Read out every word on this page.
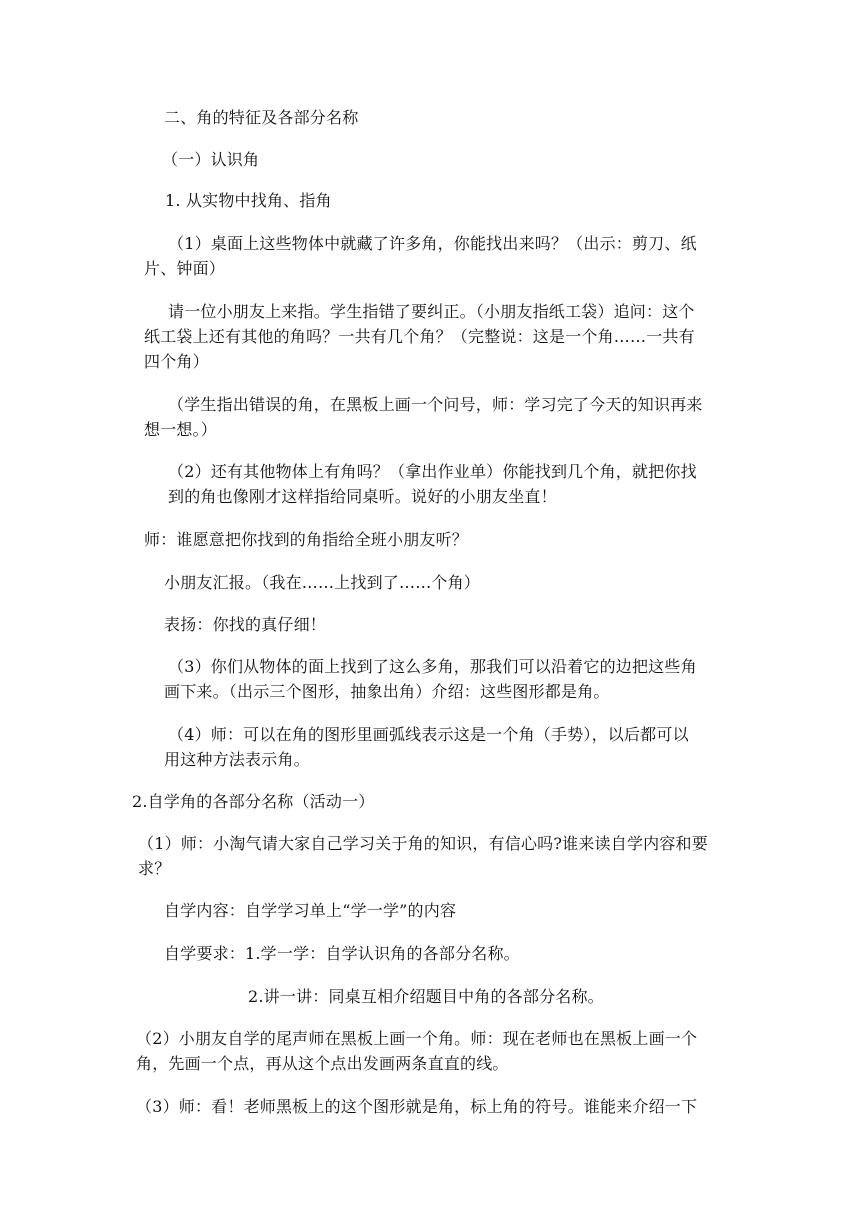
二、角的特征及各部分名称
（一）认识角
1. 从实物中找角、指角
（1）桌面上这些物体中就藏了许多角，你能找出来吗？（出示：剪刀、纸
片、钟面）
请一位小朋友上来指。学生指错了要纠正。（小朋友指纸工袋）追问：这个
纸工袋上还有其他的角吗？一共有几个角？（完整说：这是一个角……一共有
四个角）
（学生指出错误的角，在黑板上画一个问号，师：学习完了今天的知识再来
想一想。）
（2）还有其他物体上有角吗？（拿出作业单）你能找到几个角，就把你找
到的角也像刚才这样指给同桌听。说好的小朋友坐直！
师：谁愿意把你找到的角指给全班小朋友听？
小朋友汇报。（我在……上找到了……个角）
表扬：你找的真仔细！
（3）你们从物体的面上找到了这么多角，那我们可以沿着它的边把这些角
画下来。（出示三个图形，抽象出角）介绍：这些图形都是角。
（4）师：可以在角的图形里画弧线表示这是一个角（手势），以后都可以
用这种方法表示角。
2.自学角的各部分名称（活动一）
（1）师：小淘气请大家自己学习关于角的知识，有信心吗?谁来读自学内容和要
求？
自学内容：自学学习单上“学一学”的内容
自学要求：1.学一学：自学认识角的各部分名称。
2.讲一讲：同桌互相介绍题目中角的各部分名称。
（2）小朋友自学的尾声师在黑板上画一个角。师：现在老师也在黑板上画一个
角，先画一个点，再从这个点出发画两条直直的线。
（3）师：看！老师黑板上的这个图形就是角，标上角的符号。谁能来介绍一下
